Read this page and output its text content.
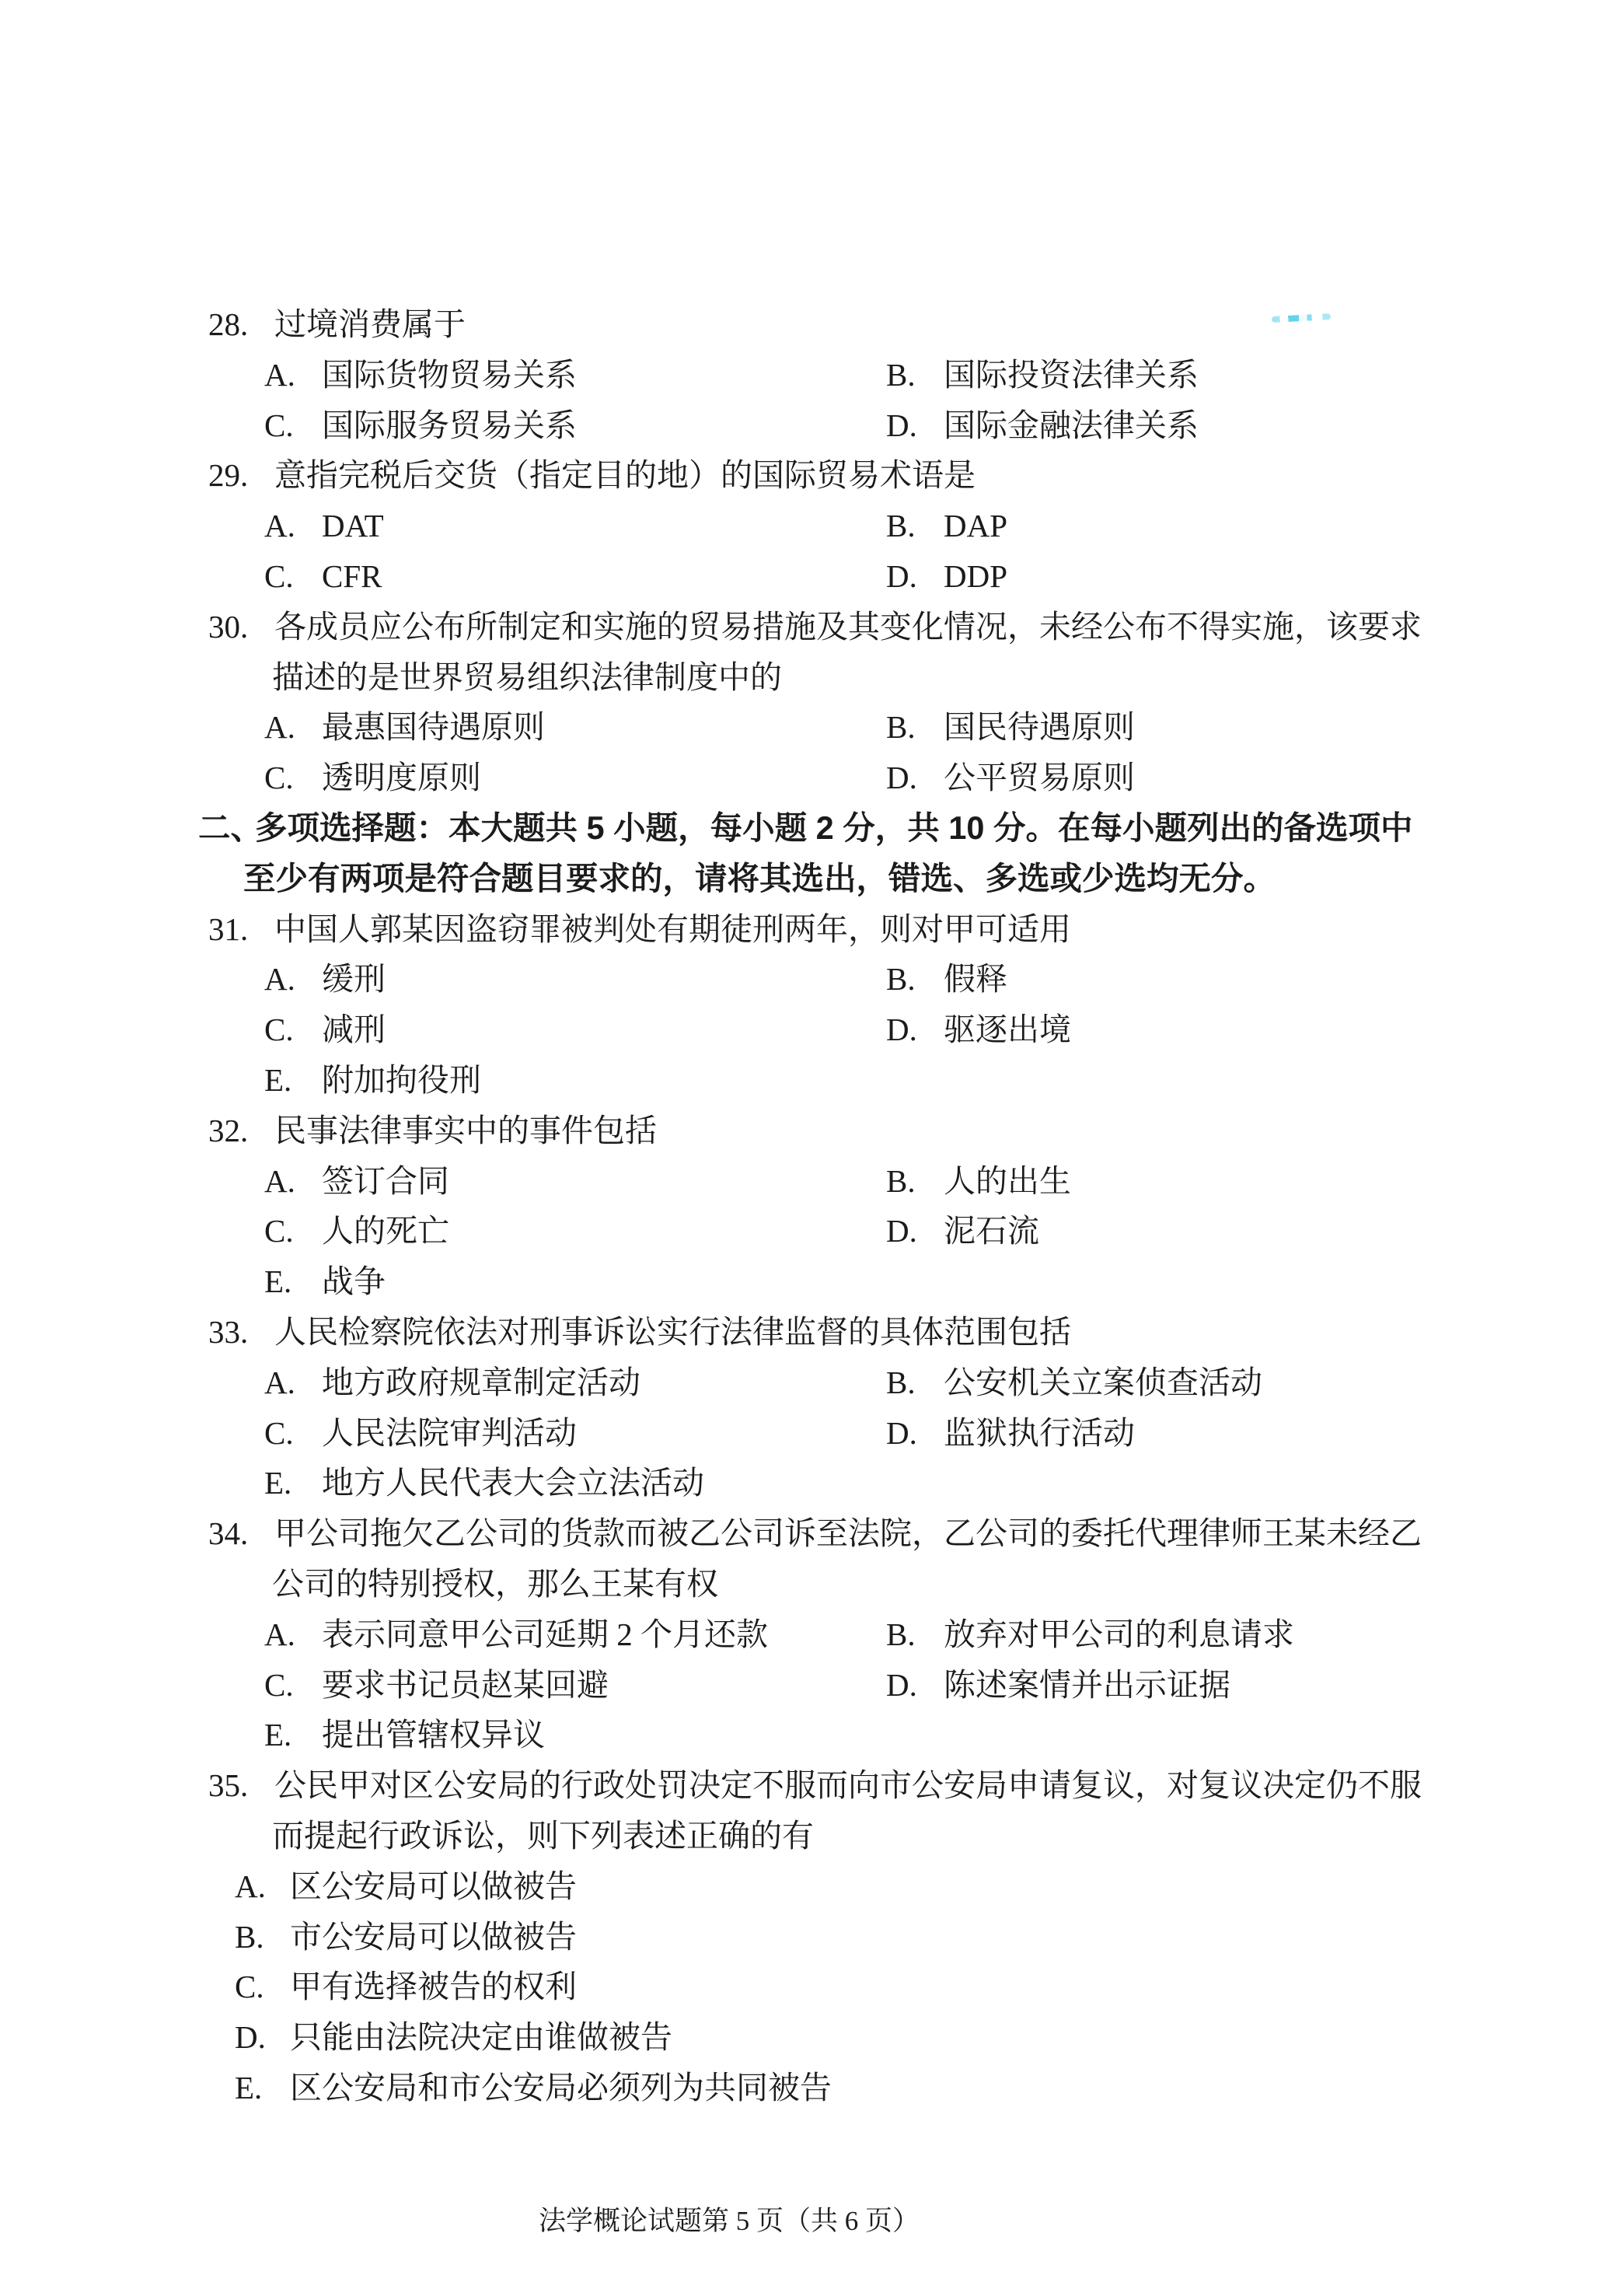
28. 过境消费属于
A. 国际货物贸易关系	B. 国际投资法律关系
C. 国际服务贸易关系	D. 国际金融法律关系
29. 意指完税后交货（指定目的地）的国际贸易术语是
A. DAT	B. DAP
C. CFR	D. DDP
30. 各成员应公布所制定和实施的贸易措施及其变化情况，未经公布不得实施，该要求
描述的是世界贸易组织法律制度中的
A. 最惠国待遇原则	B. 国民待遇原则
C. 透明度原则	D. 公平贸易原则
二、多项选择题：本大题共 5 小题，每小题 2 分，共 10 分。在每小题列出的备选项中
至少有两项是符合题目要求的，请将其选出，错选、多选或少选均无分。
31. 中国人郭某因盗窃罪被判处有期徒刑两年，则对甲可适用
A. 缓刑	B. 假释
C. 减刑	D. 驱逐出境
E. 附加拘役刑
32. 民事法律事实中的事件包括
A. 签订合同	B. 人的出生
C. 人的死亡	D. 泥石流
E. 战争
33. 人民检察院依法对刑事诉讼实行法律监督的具体范围包括
A. 地方政府规章制定活动	B. 公安机关立案侦查活动
C. 人民法院审判活动	D. 监狱执行活动
E. 地方人民代表大会立法活动
34. 甲公司拖欠乙公司的货款而被乙公司诉至法院，乙公司的委托代理律师王某未经乙
公司的特别授权，那么王某有权
A. 表示同意甲公司延期 2 个月还款	B. 放弃对甲公司的利息请求
C. 要求书记员赵某回避	D. 陈述案情并出示证据
E. 提出管辖权异议
35. 公民甲对区公安局的行政处罚决定不服而向市公安局申请复议，对复议决定仍不服
而提起行政诉讼，则下列表述正确的有
A. 区公安局可以做被告
B. 市公安局可以做被告
C. 甲有选择被告的权利
D. 只能由法院决定由谁做被告
E. 区公安局和市公安局必须列为共同被告
法学概论试题第 5 页（共 6 页）
